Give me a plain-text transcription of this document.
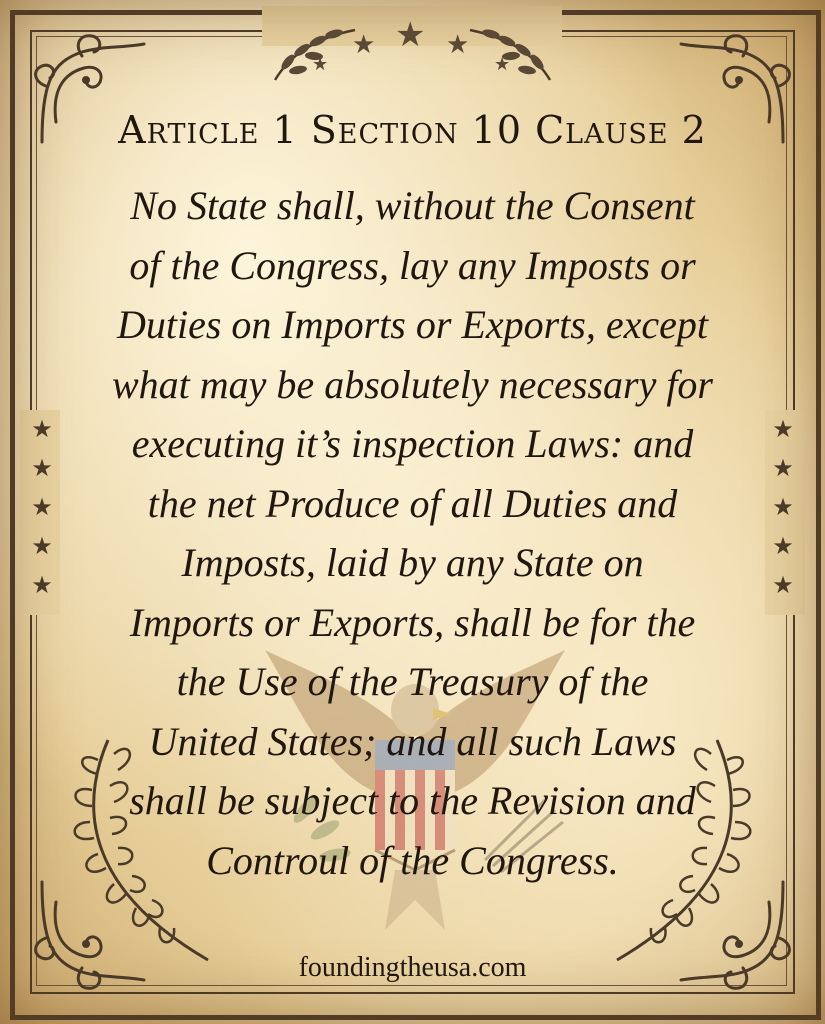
★ ★ ★
★	★
★
★
★
★
★
★
★
★
★
★
Article 1 Section 10 Clause 2

No State shall, without the Consent
of the Congress, lay any Imposts or
Duties on Imports or Exports, except
what may be absolutely necessary for
executing it’s inspection Laws: and
the net Produce of all Duties and
Imposts, laid by any State on
Imports or Exports, shall be for the
the Use of the Treasury of the
United States; and all such Laws
shall be subject to the Revision and
Controul of the Congress.

foundingtheusa.com
